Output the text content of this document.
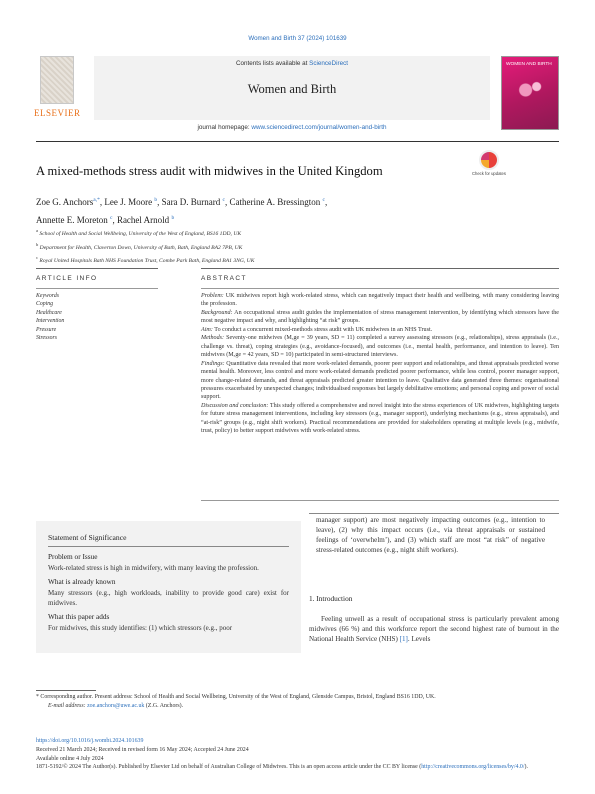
Women and Birth 37 (2024) 101639
ELSEVIER
Contents lists available at ScienceDirect
Women and Birth
journal homepage: www.sciencedirect.com/journal/women-and-birth
WOMEN AND BIRTH
A mixed-methods stress audit with midwives in the United Kingdom	Check for updates
Zoe G. Anchors$^{a,*}$, Lee J. Moore $^b$, Sara D. Burnard $^c$, Catherine A. Bressington $^c$,
Annette E. Moreton $^c$, Rachel Arnold $^b$
$^a$ School of Health and Social Wellbeing, University of the West of England, BS16 1DD, UK
$^b$ Department for Health, Claverton Down, University of Bath, Bath, England BA2 7PB, UK
$^c$ Royal United Hospitals Bath NHS Foundation Trust, Combe Park Bath, England BA1 3NG, UK
ARTICLE INFO	ABSTRACT
Keywords
Coping
Healthcare
Intervention
Pressure
Stressors

Problem: UK midwives report high work-related stress, which can negatively impact their health and wellbeing, with many considering leaving the profession.

Background: An occupational stress audit guides the implementation of stress management intervention, by identifying which stressors have the most negative impact and why, and highlighting “at risk” groups.

Aim: To conduct a concurrent mixed-methods stress audit with UK midwives in an NHS Trust.

Methods: Seventy-one midwives (Mₐge = 39 years, SD = 11) completed a survey assessing stressors (e.g., relationships), stress appraisals (i.e., challenge vs. threat), coping strategies (e.g., avoidance-focused), and outcomes (i.e., mental health, performance, and intention to leave). Ten midwives (Mₐge = 42 years, SD = 10) participated in semi-structured interviews.

Findings: Quantitative data revealed that more work-related demands, poorer peer support and relationships, and threat appraisals predicted worse mental health. Moreover, less control and more work-related demands predicted poorer performance, while less control, poorer manager support, more change-related demands, and threat appraisals predicted greater intention to leave. Qualitative data generated three themes: organisational pressures exacerbated by unexpected changes; individualised responses but largely debilitative emotions; and personal coping and power of social support.

Discussion and conclusion: This study offered a comprehensive and novel insight into the stress experiences of UK midwives, highlighting targets for future stress management interventions, including key stressors (e.g., manager support), underlying mechanisms (e.g., stress appraisals), and “at-risk” groups (e.g., night shift workers). Practical recommendations are provided for stakeholders operating at multiple levels (e.g., midwife, trust, policy) to better support midwives with work-related stress.

Statement of Significance
Problem or Issue
Work-related stress is high in midwifery, with many leaving the profession.
What is already known
Many stressors (e.g., high workloads, inability to provide good care) exist for midwives.
What this paper adds
For midwives, this study identifies: (1) which stressors (e.g., poor
manager support) are most negatively impacting outcomes (e.g., intention to leave), (2) why this impact occurs (i.e., via threat appraisals or sustained feelings of ‘overwhelm’), and (3) which staff are most “at risk” of negative stress-related outcomes (e.g., night shift workers).
1. Introduction
Feeling unwell as a result of occupational stress is particularly prevalent among midwives (66 %) and this workforce report the second highest rate of burnout in the National Health Service (NHS) [1]. Levels
* Corresponding author. Present address: School of Health and Social Wellbeing, University of the West of England, Glenside Campus, Bristol, England BS16 1DD, UK.
E-mail address: zoe.anchors@uwe.ac.uk (Z.G. Anchors).
https://doi.org/10.1016/j.wombi.2024.101639
Received 21 March 2024; Received in revised form 16 May 2024; Accepted 24 June 2024
Available online 4 July 2024
1871-5192/© 2024 The Author(s). Published by Elsevier Ltd on behalf of Australian College of Midwives. This is an open access article under the CC BY license (http://creativecommons.org/licenses/by/4.0/).
